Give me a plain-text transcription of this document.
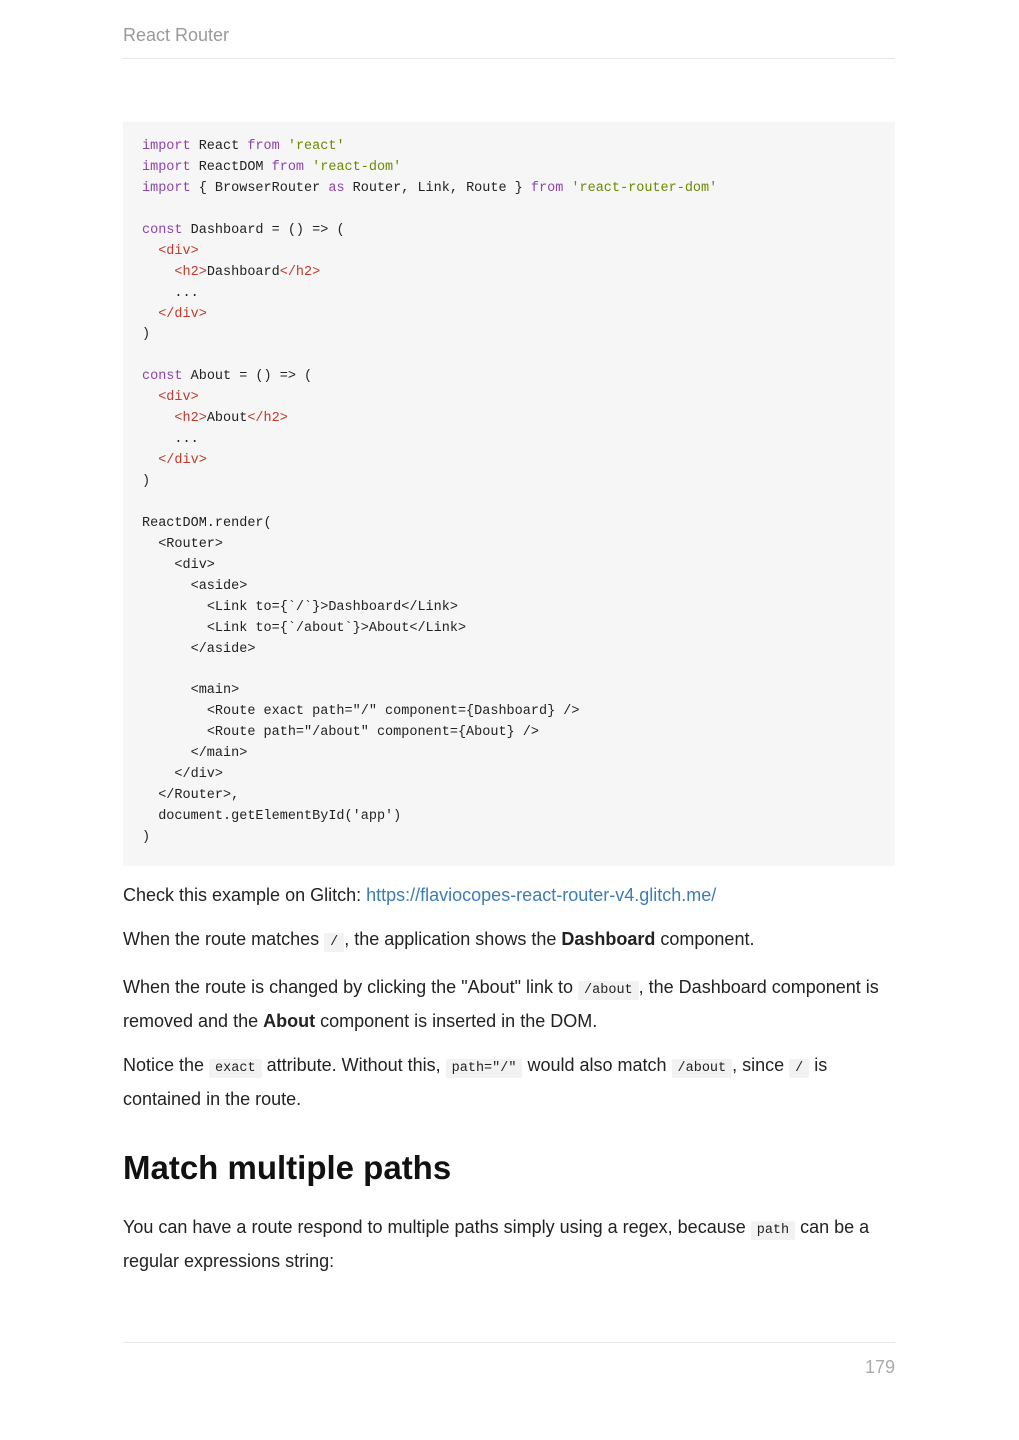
React Router
import React from 'react'
import ReactDOM from 'react-dom'
import { BrowserRouter as Router, Link, Route } from 'react-router-dom'
const Dashboard = () => (
<div>
<h2>Dashboard</h2>
...
</div>
)
const About = () => (
<div>
<h2>About</h2>
...
</div>
)
ReactDOM.render(
<Router>
<div>
<aside>
<Link to={`/`}>Dashboard</Link>
<Link to={`/about`}>About</Link>
</aside>
<main>
<Route exact path="/" component={Dashboard} />
<Route path="/about" component={About} />
</main>
</div>
</Router>,
document.getElementById('app')
)

Check this example on Glitch: https://flaviocopes-react-router-v4.glitch.me/

When the route matches / , the application shows the Dashboard component.

When the route is changed by clicking the "About" link to /about , the Dashboard component is removed and the About component is inserted in the DOM.

Notice the exact attribute. Without this, path="/" would also match /about , since / is contained in the route.

Match multiple paths

You can have a route respond to multiple paths simply using a regex, because path can be a regular expressions string:

179
